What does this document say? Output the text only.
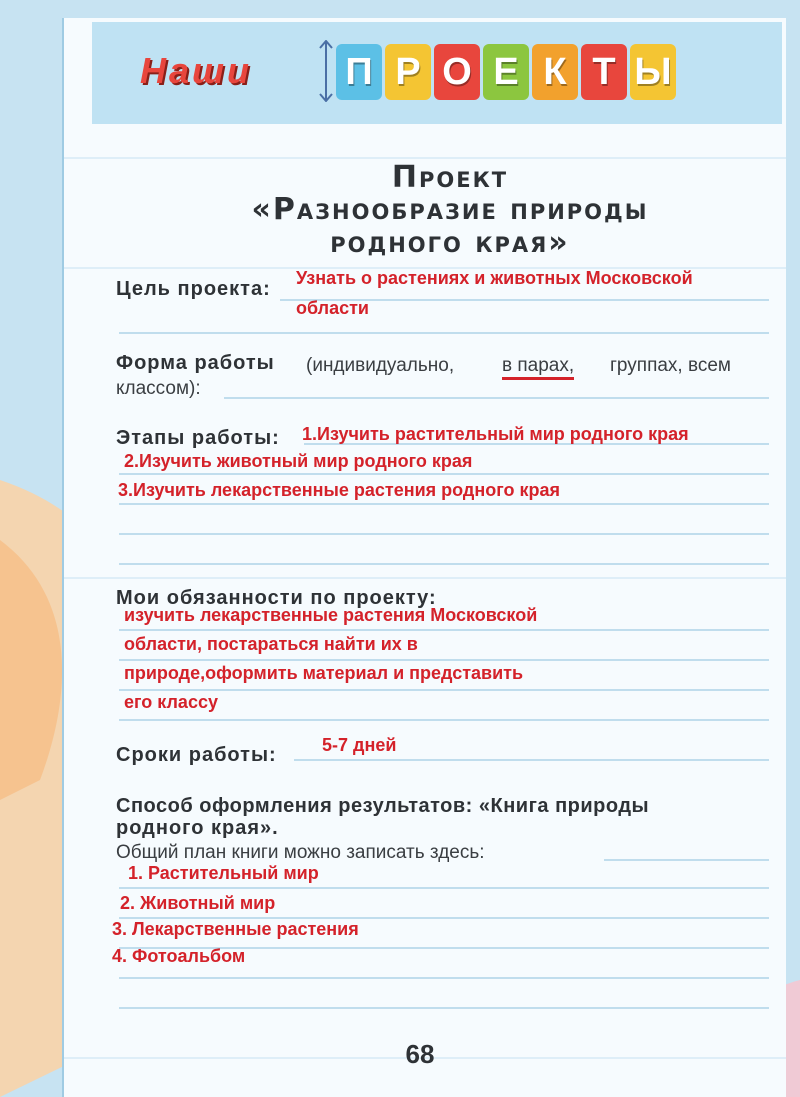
Наши П Р О Е К Т Ы
Проект
«Разнообразие природы
родного края»
Цель проекта: Узнать о растениях и животных Московской
области
Форма работы (индивидуально,	в парах, группах, всем
классом):
Этапы работы: 1.Изучить растительный мир родного края
2.Изучить животный мир родного края
3.Изучить лекарственные растения родного края
Мои обязанности по проекту:
изучить лекарственные растения Московской
области, постараться найти их в
природе,оформить материал и представить
его классу
Сроки работы:	5-7 дней
Способ оформления результатов: «Книга природы
родного края».
Общий план книги можно записать здесь:
1. Растительный мир
2. Животный мир
3. Лекарственные растения
4. Фотоальбом
68
